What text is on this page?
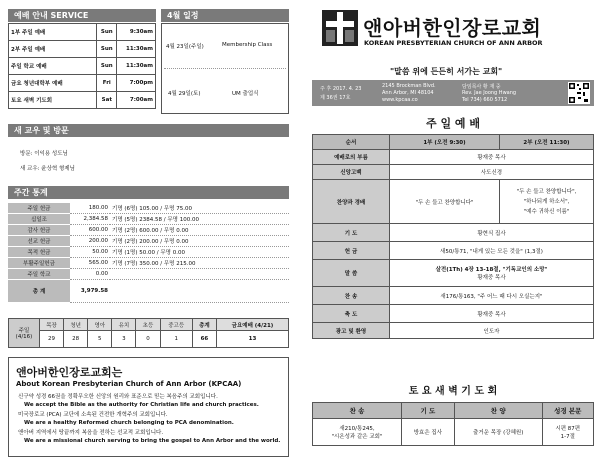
예배 안내 SERVICE
1부 주일 예배	Sun	9:30am
2부 주일 예배	Sun	11:30am
주일 학교 예배	Sun	11:30am
금요 청년대학부 예배	Fri	7:00pm
토요 새벽 기도회	Sat	7:00am
4월 일정
4월 23일(주일)	Membership Class
4월 29일(토)	UM 출업식
새 교우 및 방문
방문: 이익용 성도님
새 교우: 윤상혁 형제님
주간 통계
주일 헌금	180.00	기명 (6명) 105.00 / 무명 75.00
십일조	2,384.58	기명 (5명) 2384.58 / 무명 100.00
감사 헌금	600.00	기명 (2명) 600.00 / 무명 0.00
선교 헌금	200.00	기명 (2명) 200.00 / 무명 0.00
목적 헌금	50.00	기명 (1명) 50.00 / 무명 0.00
부활주일헌금	565.00	기명 (7명) 350.00 / 무명 215.00
주일 학교	0.00	
총 계	3,979.58	
주일
(4/16)	목장	청년	영아	유치	초등	중고등	총계	금요예배 (4/21)
	29	28	5	3	0	1	66	13
앤아버한인장로교회는
About Korean Presbyterian Church of Ann Arbor (KPCAA)
신구약 성경 66권을 정확무오한 신앙의 원리와 표준으로 믿는 복음주의 교회입니다.
We accept the Bible as the authority for Christian life and church practices.
미국장로교 (PCA) 교단에 소속된 건전한 개혁주의 교회입니다.
We are a healthy Reformed church belonging to PCA denomination.
앤아버 지역에서 땅끝까지 복음을 전하는 선교적 교회입니다.
We are a missional church serving to bring the gospel to Ann Arbor and the world.
앤아버한인장로교회
KOREAN PRESBYTERIAN CHURCH OF ANN ARBOR
"말씀 위에 든든히 서가는 교회"
주 후 2017. 4. 23
제 36권 17호
2145 Brockman Blvd.
Ann Arbor, MI 48104
www.kpcaa.co
담임목사 황 재 중
Rev. Jae Joong Hwang
Tel 734) 660 5712
주 일 예 배
순서	1부 (오전 9:30)	2부 (오전 11:30)
예배로의 부름	황재중 목사	
신앙고백	사도신경	
찬양과 경배	"두 손 들고 찬양합니다"	"두 손 들고 찬양합니다",
"하나되게 하소서",
"예수 귀하신 이름"

기 도	황현식 집사	
헌 금	새50/통71, "내게 있는 모든 것을" (1,3절)	
말 씀	살전(1Th) 4장 13-18절, "기독교인의 소망"
황재중 목사	

찬 송	새176/통163, "주 어느 때 다시 오실는지"	
축 도	황재중 목사	
광고 및 환영	인도자	
토 요 새 벽 기 도 회
찬 송	기 도	찬 양	성경 본문
새210/통245,
"시온성과 같은 교회"	방효은 집사	출거운 목장 (강혜원)	시편 87편
1-7절
